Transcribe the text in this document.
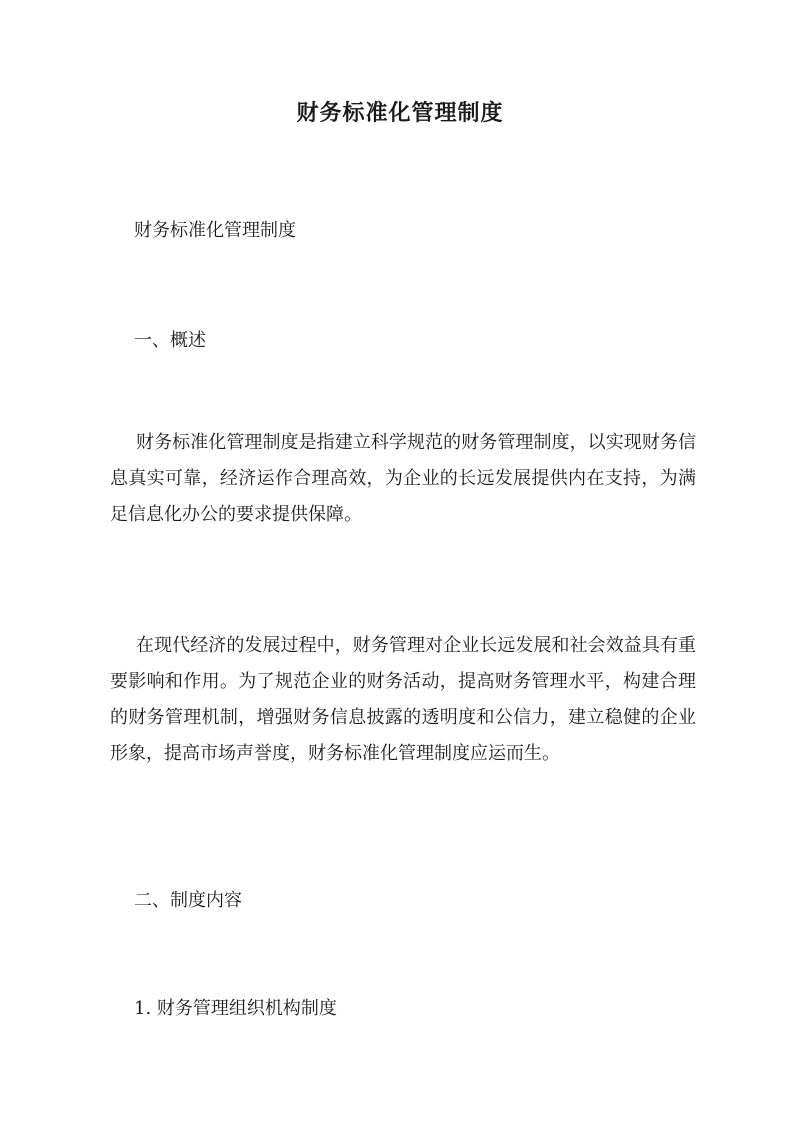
财务标准化管理制度
财务标准化管理制度
一、概述
财务标准化管理制度是指建立科学规范的财务管理制度，以实现财务信息真实可靠，经济运作合理高效，为企业的长远发展提供内在支持，为满足信息化办公的要求提供保障。
在现代经济的发展过程中，财务管理对企业长远发展和社会效益具有重要影响和作用。为了规范企业的财务活动，提高财务管理水平，构建合理的财务管理机制，增强财务信息披露的透明度和公信力，建立稳健的企业形象，提高市场声誉度，财务标准化管理制度应运而生。
二、制度内容
1. 财务管理组织机构制度
